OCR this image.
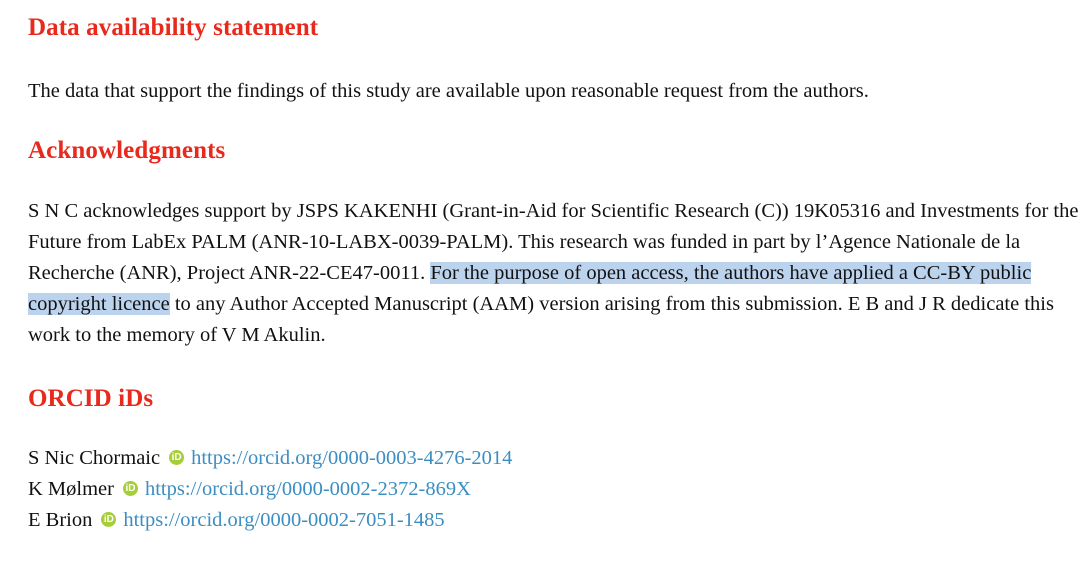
Data availability statement

The data that support the findings of this study are available upon reasonable request from the authors.

Acknowledgments

S N C acknowledges support by JSPS KAKENHI (Grant-in-Aid for Scientific Research (C)) 19K05316 and Investments for the Future from LabEx PALM (ANR-10-LABX-0039-PALM). This research was funded in part by l’Agence Nationale de la Recherche (ANR), Project ANR-22-CE47-0011. For the purpose of open access, the authors have applied a CC-BY public copyright licence to any Author Accepted Manuscript (AAM) version arising from this submission. E B and J R dedicate this work to the memory of V M Akulin.

ORCID iDs
S Nic Chormaic iD https://orcid.org/0000-0003-4276-2014
K Mølmer iD https://orcid.org/0000-0002-2372-869X
E Brion iD https://orcid.org/0000-0002-7051-1485
